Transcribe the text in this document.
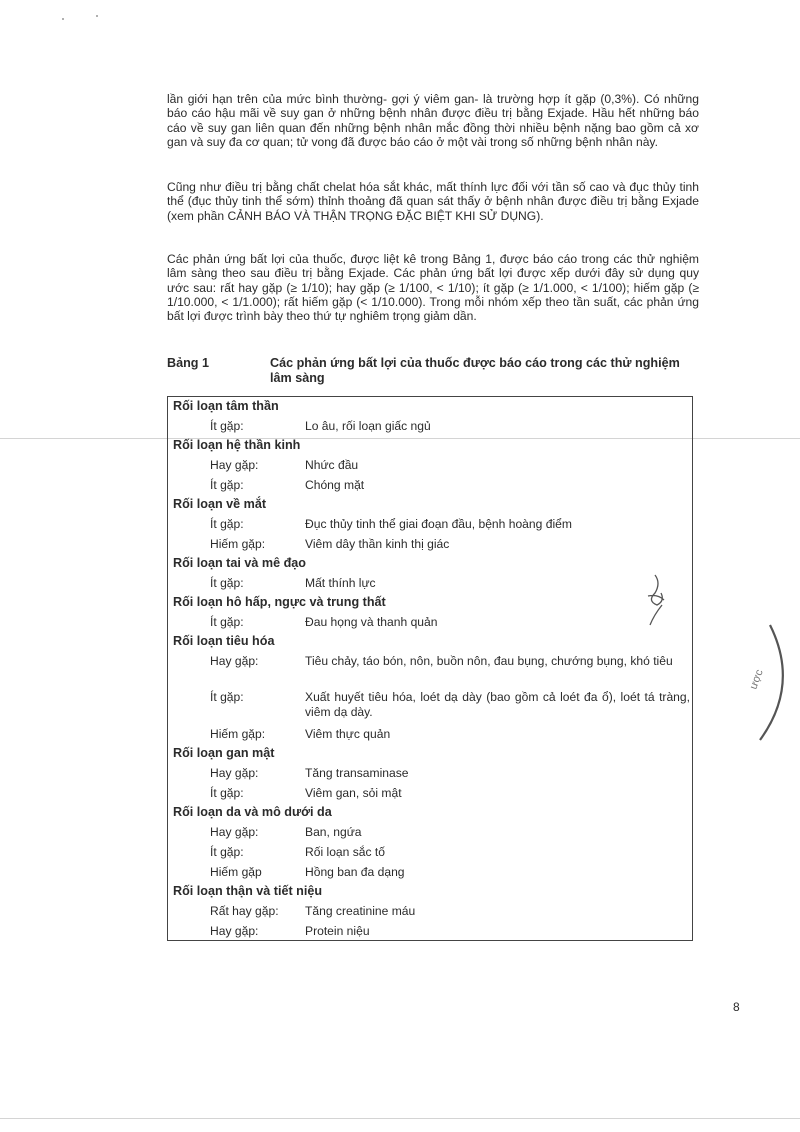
lần giới hạn trên của mức bình thường- gợi ý viêm gan- là trường hợp ít gặp (0,3%). Có những báo cáo hậu mãi về suy gan ở những bệnh nhân được điều trị bằng Exjade. Hầu hết những báo cáo về suy gan liên quan đến những bệnh nhân mắc đồng thời nhiều bệnh nặng bao gồm cả xơ gan và suy đa cơ quan; tử vong đã được báo cáo ở một vài trong số những bệnh nhân này.

Cũng như điều trị bằng chất chelat hóa sắt khác, mất thính lực đối với tần số cao và đục thủy tinh thể (đục thủy tinh thể sớm) thỉnh thoảng đã quan sát thấy ở bệnh nhân được điều trị bằng Exjade (xem phần CẢNH BÁO VÀ THẬN TRỌNG ĐẶC BIỆT KHI SỬ DỤNG).

Các phản ứng bất lợi của thuốc, được liệt kê trong Bảng 1, được báo cáo trong các thử nghiệm lâm sàng theo sau điều trị bằng Exjade. Các phản ứng bất lợi được xếp dưới đây sử dụng quy ước sau: rất hay gặp (≥ 1/10); hay gặp (≥ 1/100, < 1/10); ít gặp (≥ 1/1.000, < 1/100); hiếm gặp (≥ 1/10.000, < 1/1.000); rất hiếm gặp (< 1/10.000). Trong mỗi nhóm xếp theo tần suất, các phản ứng bất lợi được trình bày theo thứ tự nghiêm trọng giảm dần.

Bảng 1	Các phản ứng bất lợi của thuốc được báo cáo trong các thử nghiệm lâm sàng
Rối loạn tâm thần
Ít gặp:	Lo âu, rối loạn giấc ngủ
Rối loạn hệ thần kinh
Hay gặp:	Nhức đầu
Ít gặp:	Chóng mặt
Rối loạn về mắt
Ít gặp:	Đục thủy tinh thể giai đoạn đầu, bệnh hoàng điểm
Hiếm gặp:	Viêm dây thần kinh thị giác
Rối loạn tai và mê đạo
Ít gặp:	Mất thính lực
Rối loạn hô hấp, ngực và trung thất
Ít gặp:	Đau họng và thanh quản
Rối loạn tiêu hóa
Hay gặp:	Tiêu chảy, táo bón, nôn, buồn nôn, đau bụng, chướng bụng, khó tiêu
Ít gặp:	Xuất huyết tiêu hóa, loét dạ dày (bao gồm cả loét đa ổ), loét tá tràng, viêm dạ dày.
Hiếm gặp:	Viêm thực quản
Rối loạn gan mật
Hay gặp:	Tăng transaminase
Ít gặp:	Viêm gan, sỏi mật
Rối loạn da và mô dưới da
Hay gặp:	Ban, ngứa
Ít gặp:	Rối loạn sắc tố
Hiếm gặp	Hồng ban đa dạng
Rối loạn thận và tiết niệu
Rất hay gặp: Tăng creatinine máu
Hay gặp:	Protein niệu
ược
8
